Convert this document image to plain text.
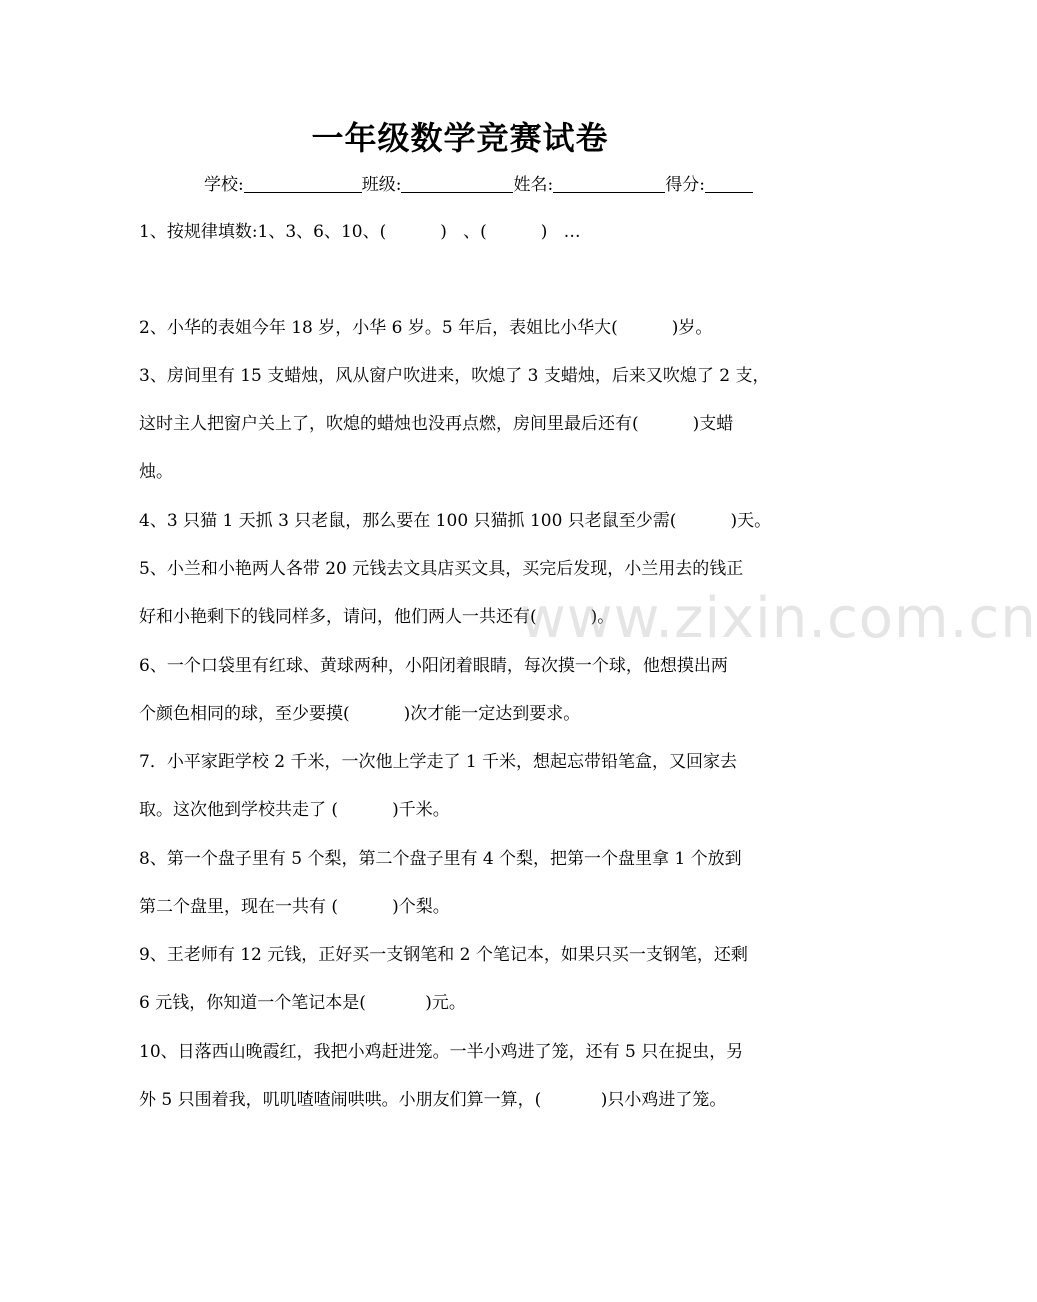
一年级数学竞赛试卷
学校:	班级:	姓名:	得分:
1、按规律填数:1、3、6、10、(          )   、(          )   …
2、小华的表姐今年 18 岁，小华 6 岁。5 年后，表姐比小华大(          )岁。
3、房间里有 15 支蜡烛，风从窗户吹进来，吹熄了 3 支蜡烛，后来又吹熄了 2 支，
这时主人把窗户关上了，吹熄的蜡烛也没再点燃，房间里最后还有(          )支蜡
烛。
4、3 只猫 1 天抓 3 只老鼠，那么要在 100 只猫抓 100 只老鼠至少需(          )天。
5、小兰和小艳两人各带 20 元钱去文具店买文具，买完后发现，小兰用去的钱正
好和小艳剩下的钱同样多，请问，他们两人一共还有(          )。
6、一个口袋里有红球、黄球两种，小阳闭着眼睛，每次摸一个球，他想摸出两
个颜色相同的球，至少要摸(          )次才能一定达到要求。
7．小平家距学校 2 千米，一次他上学走了 1 千米，想起忘带铅笔盒，又回家去
取。这次他到学校共走了 (          )千米。
8、第一个盘子里有 5 个梨，第二个盘子里有 4 个梨，把第一个盘里拿 1 个放到
第二个盘里，现在一共有 (          )个梨。
9、王老师有 12 元钱，正好买一支钢笔和 2 个笔记本，如果只买一支钢笔，还剩
6 元钱，你知道一个笔记本是(           )元。
10、日落西山晚霞红，我把小鸡赶进笼。一半小鸡进了笼，还有 5 只在捉虫，另
外 5 只围着我，叽叽喳喳闹哄哄。小朋友们算一算，(           )只小鸡进了笼。
www.zixin.com.cn
